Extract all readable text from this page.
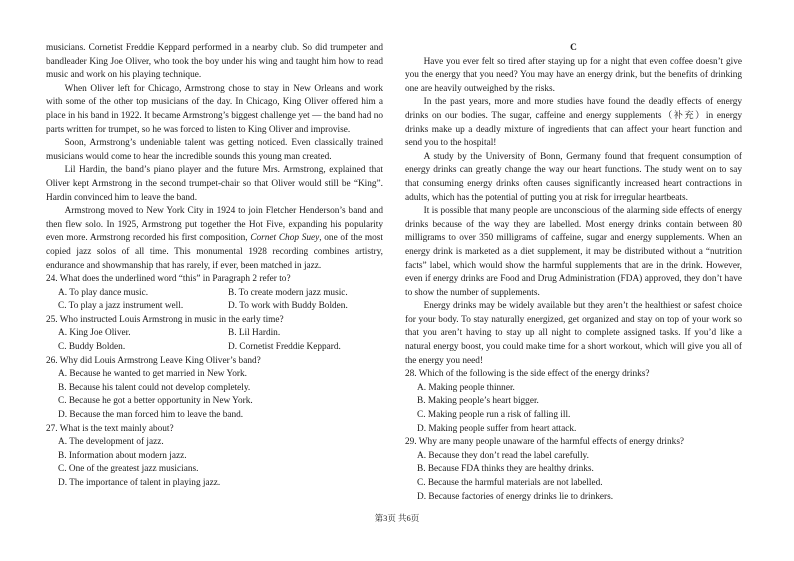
musicians. Cornetist Freddie Keppard performed in a nearby club. So did trumpeter and bandleader King Joe Oliver, who took the boy under his wing and taught him how to read music and work on his playing technique.

When Oliver left for Chicago, Armstrong chose to stay in New Orleans and work with some of the other top musicians of the day. In Chicago, King Oliver offered him a place in his band in 1922. It became Armstrong’s biggest challenge yet — the band had no parts written for trumpet, so he was forced to listen to King Oliver and improvise.

Soon, Armstrong’s undeniable talent was getting noticed. Even classically trained musicians would come to hear the incredible sounds this young man created.

Lil Hardin, the band’s piano player and the future Mrs. Armstrong, explained that Oliver kept Armstrong in the second trumpet-chair so that Oliver would still be “King”. Hardin convinced him to leave the band.

Armstrong moved to New York City in 1924 to join Fletcher Henderson’s band and then flew solo. In 1925, Armstrong put together the Hot Five, expanding his popularity even more. Armstrong recorded his first composition, Cornet Chop Suey, one of the most copied jazz solos of all time. This monumental 1928 recording combines artistry, endurance and showmanship that has rarely, if ever, been matched in jazz.

24. What does the underlined word “this” in Paragraph 2 refer to?
A. To play dance music.	B. To create modern jazz music.
C. To play a jazz instrument well.	D. To work with Buddy Bolden.
25. Who instructed Louis Armstrong in music in the early time?
A. King Joe Oliver.	B. Lil Hardin.
C. Buddy Bolden.	D. Cornetist Freddie Keppard.
26. Why did Louis Armstrong Leave King Oliver’s band?
A. Because he wanted to get married in New York.
B. Because his talent could not develop completely.
C. Because he got a better opportunity in New York.
D. Because the man forced him to leave the band.
27. What is the text mainly about?
A. The development of jazz.
B. Information about modern jazz.
C. One of the greatest jazz musicians.
D. The importance of talent in playing jazz.
C

Have you ever felt so tired after staying up for a night that even coffee doesn’t give you the energy that you need? You may have an energy drink, but the benefits of drinking one are heavily outweighed by the risks.

In the past years, more and more studies have found the deadly effects of energy drinks on our bodies. The sugar, caffeine and energy supplements（补充）in energy drinks make up a deadly mixture of ingredients that can affect your heart function and send you to the hospital!

A study by the University of Bonn, Germany found that frequent consumption of energy drinks can greatly change the way our heart functions. The study went on to say that consuming energy drinks often causes significantly increased heart contractions in adults, which has the potential of putting you at risk for irregular heartbeats.

It is possible that many people are unconscious of the alarming side effects of energy drinks because of the way they are labelled. Most energy drinks contain between 80 milligrams to over 350 milligrams of caffeine, sugar and energy supplements. When an energy drink is marketed as a diet supplement, it may be distributed without a “nutrition facts” label, which would show the harmful supplements that are in the drink. However, even if energy drinks are Food and Drug Administration (FDA) approved, they don’t have to show the number of supplements.

Energy drinks may be widely available but they aren’t the healthiest or safest choice for your body. To stay naturally energized, get organized and stay on top of your work so that you aren’t having to stay up all night to complete assigned tasks. If you’d like a natural energy boost, you could make time for a short workout, which will give you all of the energy you need!

28. Which of the following is the side effect of the energy drinks?
A. Making people thinner.
B. Making people’s heart bigger.
C. Making people run a risk of falling ill.
D. Making people suffer from heart attack.
29. Why are many people unaware of the harmful effects of energy drinks?
A. Because they don’t read the label carefully.
B. Because FDA thinks they are healthy drinks.
C. Because the harmful materials are not labelled.
D. Because factories of energy drinks lie to drinkers.
第3页 共6页
